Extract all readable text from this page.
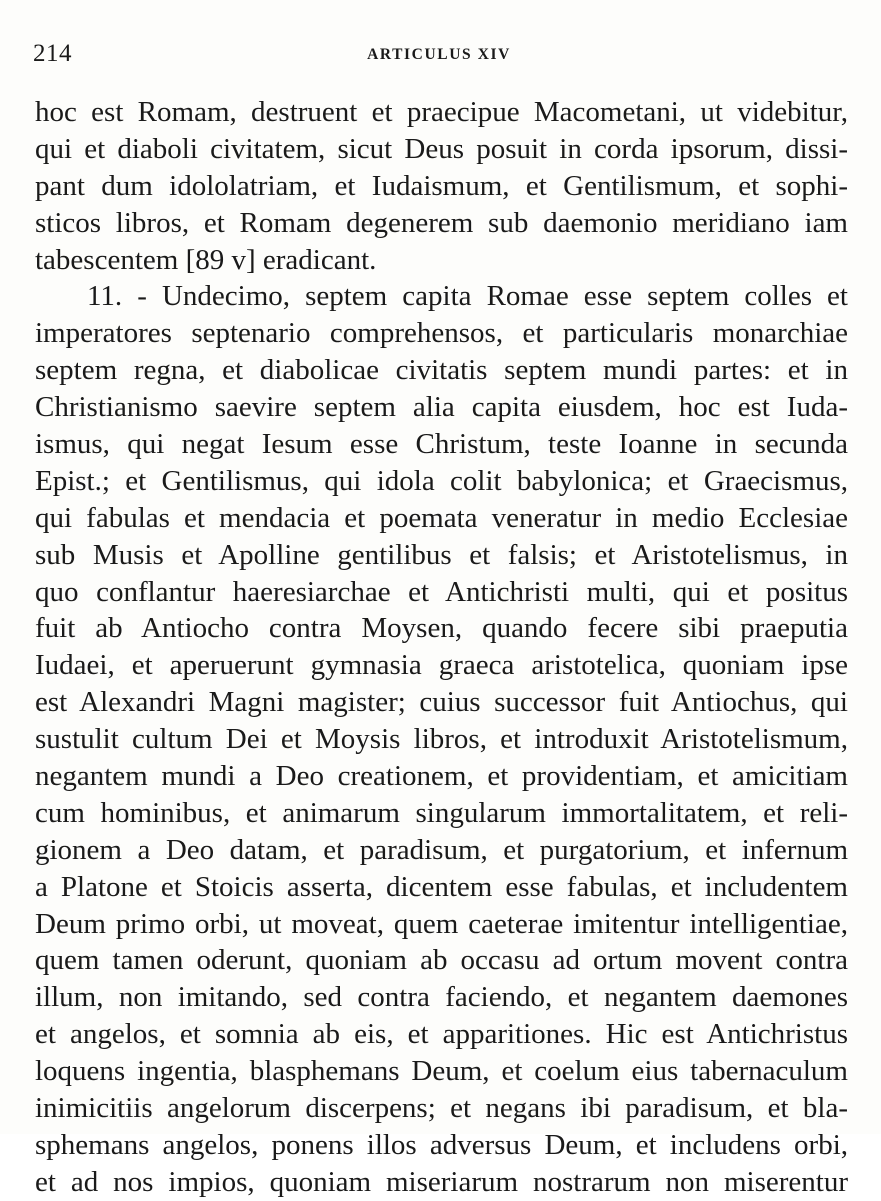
214	ARTICULUS XIV
hoc est Romam, destruent et praecipue Macometani, ut videbitur,
qui et diaboli civitatem, sicut Deus posuit in corda ipsorum, dissi-
pant dum idololatriam, et Iudaismum, et Gentilismum, et sophi-
sticos libros, et Romam degenerem sub daemonio meridiano iam
tabescentem [89 v] eradicant.
11. - Undecimo, septem capita Romae esse septem colles et
imperatores septenario comprehensos, et particularis monarchiae
septem regna, et diabolicae civitatis septem mundi partes: et in
Christianismo saevire septem alia capita eiusdem, hoc est Iuda-
ismus, qui negat Iesum esse Christum, teste Ioanne in secunda
Epist.; et Gentilismus, qui idola colit babylonica; et Graecismus,
qui fabulas et mendacia et poemata veneratur in medio Ecclesiae
sub Musis et Apolline gentilibus et falsis; et Aristotelismus, in
quo conflantur haeresiarchae et Antichristi multi, qui et positus
fuit ab Antiocho contra Moysen, quando fecere sibi praeputia
Iudaei, et aperuerunt gymnasia graeca aristotelica, quoniam ipse
est Alexandri Magni magister; cuius successor fuit Antiochus, qui
sustulit cultum Dei et Moysis libros, et introduxit Aristotelismum,
negantem mundi a Deo creationem, et providentiam, et amicitiam
cum hominibus, et animarum singularum immortalitatem, et reli-
gionem a Deo datam, et paradisum, et purgatorium, et infernum
a Platone et Stoicis asserta, dicentem esse fabulas, et includentem
Deum primo orbi, ut moveat, quem caeterae imitentur intelligentiae,
quem tamen oderunt, quoniam ab occasu ad ortum movent contra
illum, non imitando, sed contra faciendo, et negantem daemones
et angelos, et somnia ab eis, et apparitiones. Hic est Antichristus
loquens ingentia, blasphemans Deum, et coelum eius tabernaculum
inimicitiis angelorum discerpens; et negans ibi paradisum, et bla-
sphemans angelos, ponens illos adversus Deum, et includens orbi,
et ad nos impios, quoniam miseriarum nostrarum non miserentur
